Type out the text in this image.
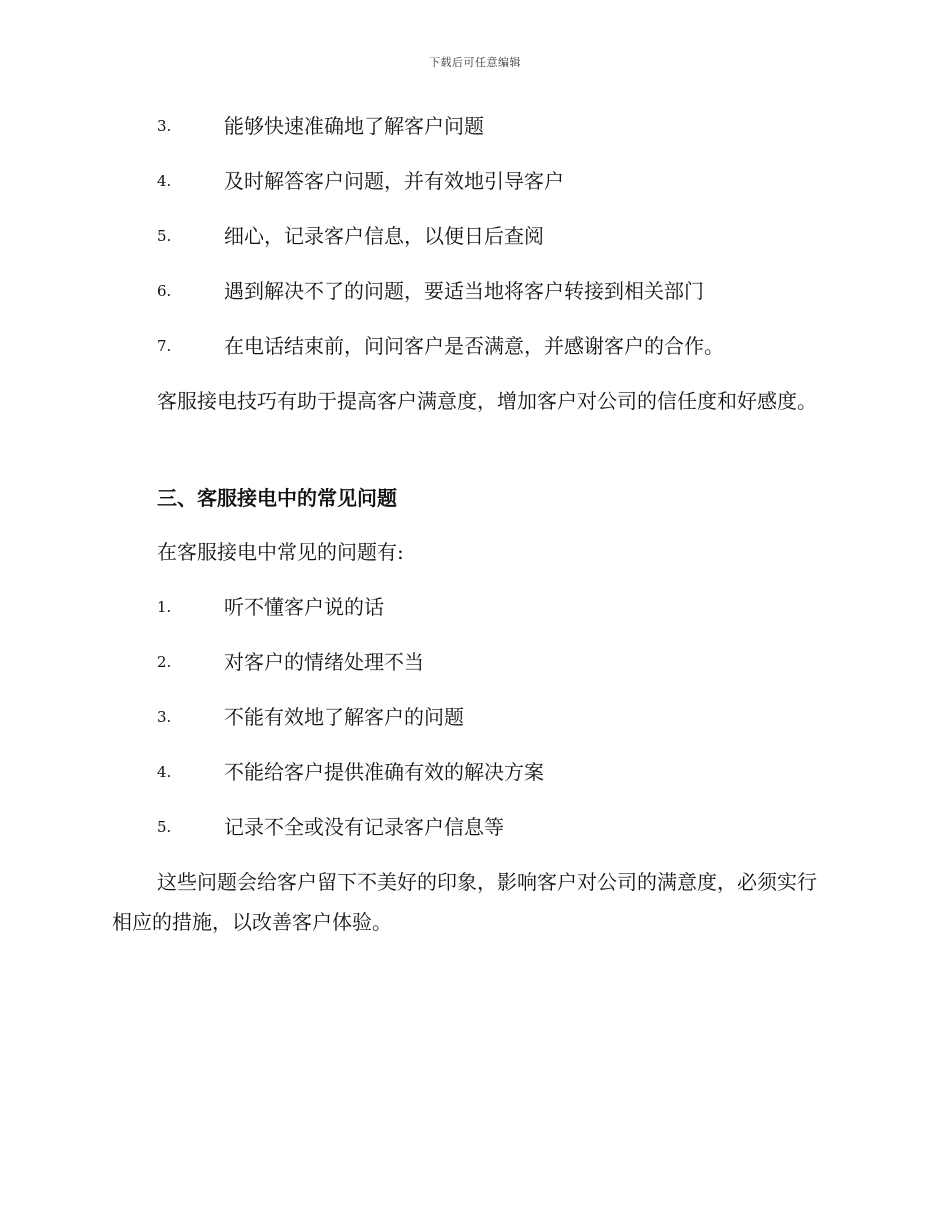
下载后可任意编辑
3.	能够快速准确地了解客户问题
4.	及时解答客户问题，并有效地引导客户
5.	细心，记录客户信息，以便日后查阅
6.	遇到解决不了的问题，要适当地将客户转接到相关部门
7.	在电话结束前，问问客户是否满意，并感谢客户的合作。

客服接电技巧有助于提高客户满意度，增加客户对公司的信任度和好感度。

三、客服接电中的常见问题

在客服接电中常见的问题有:

1.	听不懂客户说的话
2.	对客户的情绪处理不当
3.	不能有效地了解客户的问题
4.	不能给客户提供准确有效的解决方案
5.	记录不全或没有记录客户信息等

这些问题会给客户留下不美好的印象，影响客户对公司的满意度，必须实行相应的措施，以改善客户体验。
